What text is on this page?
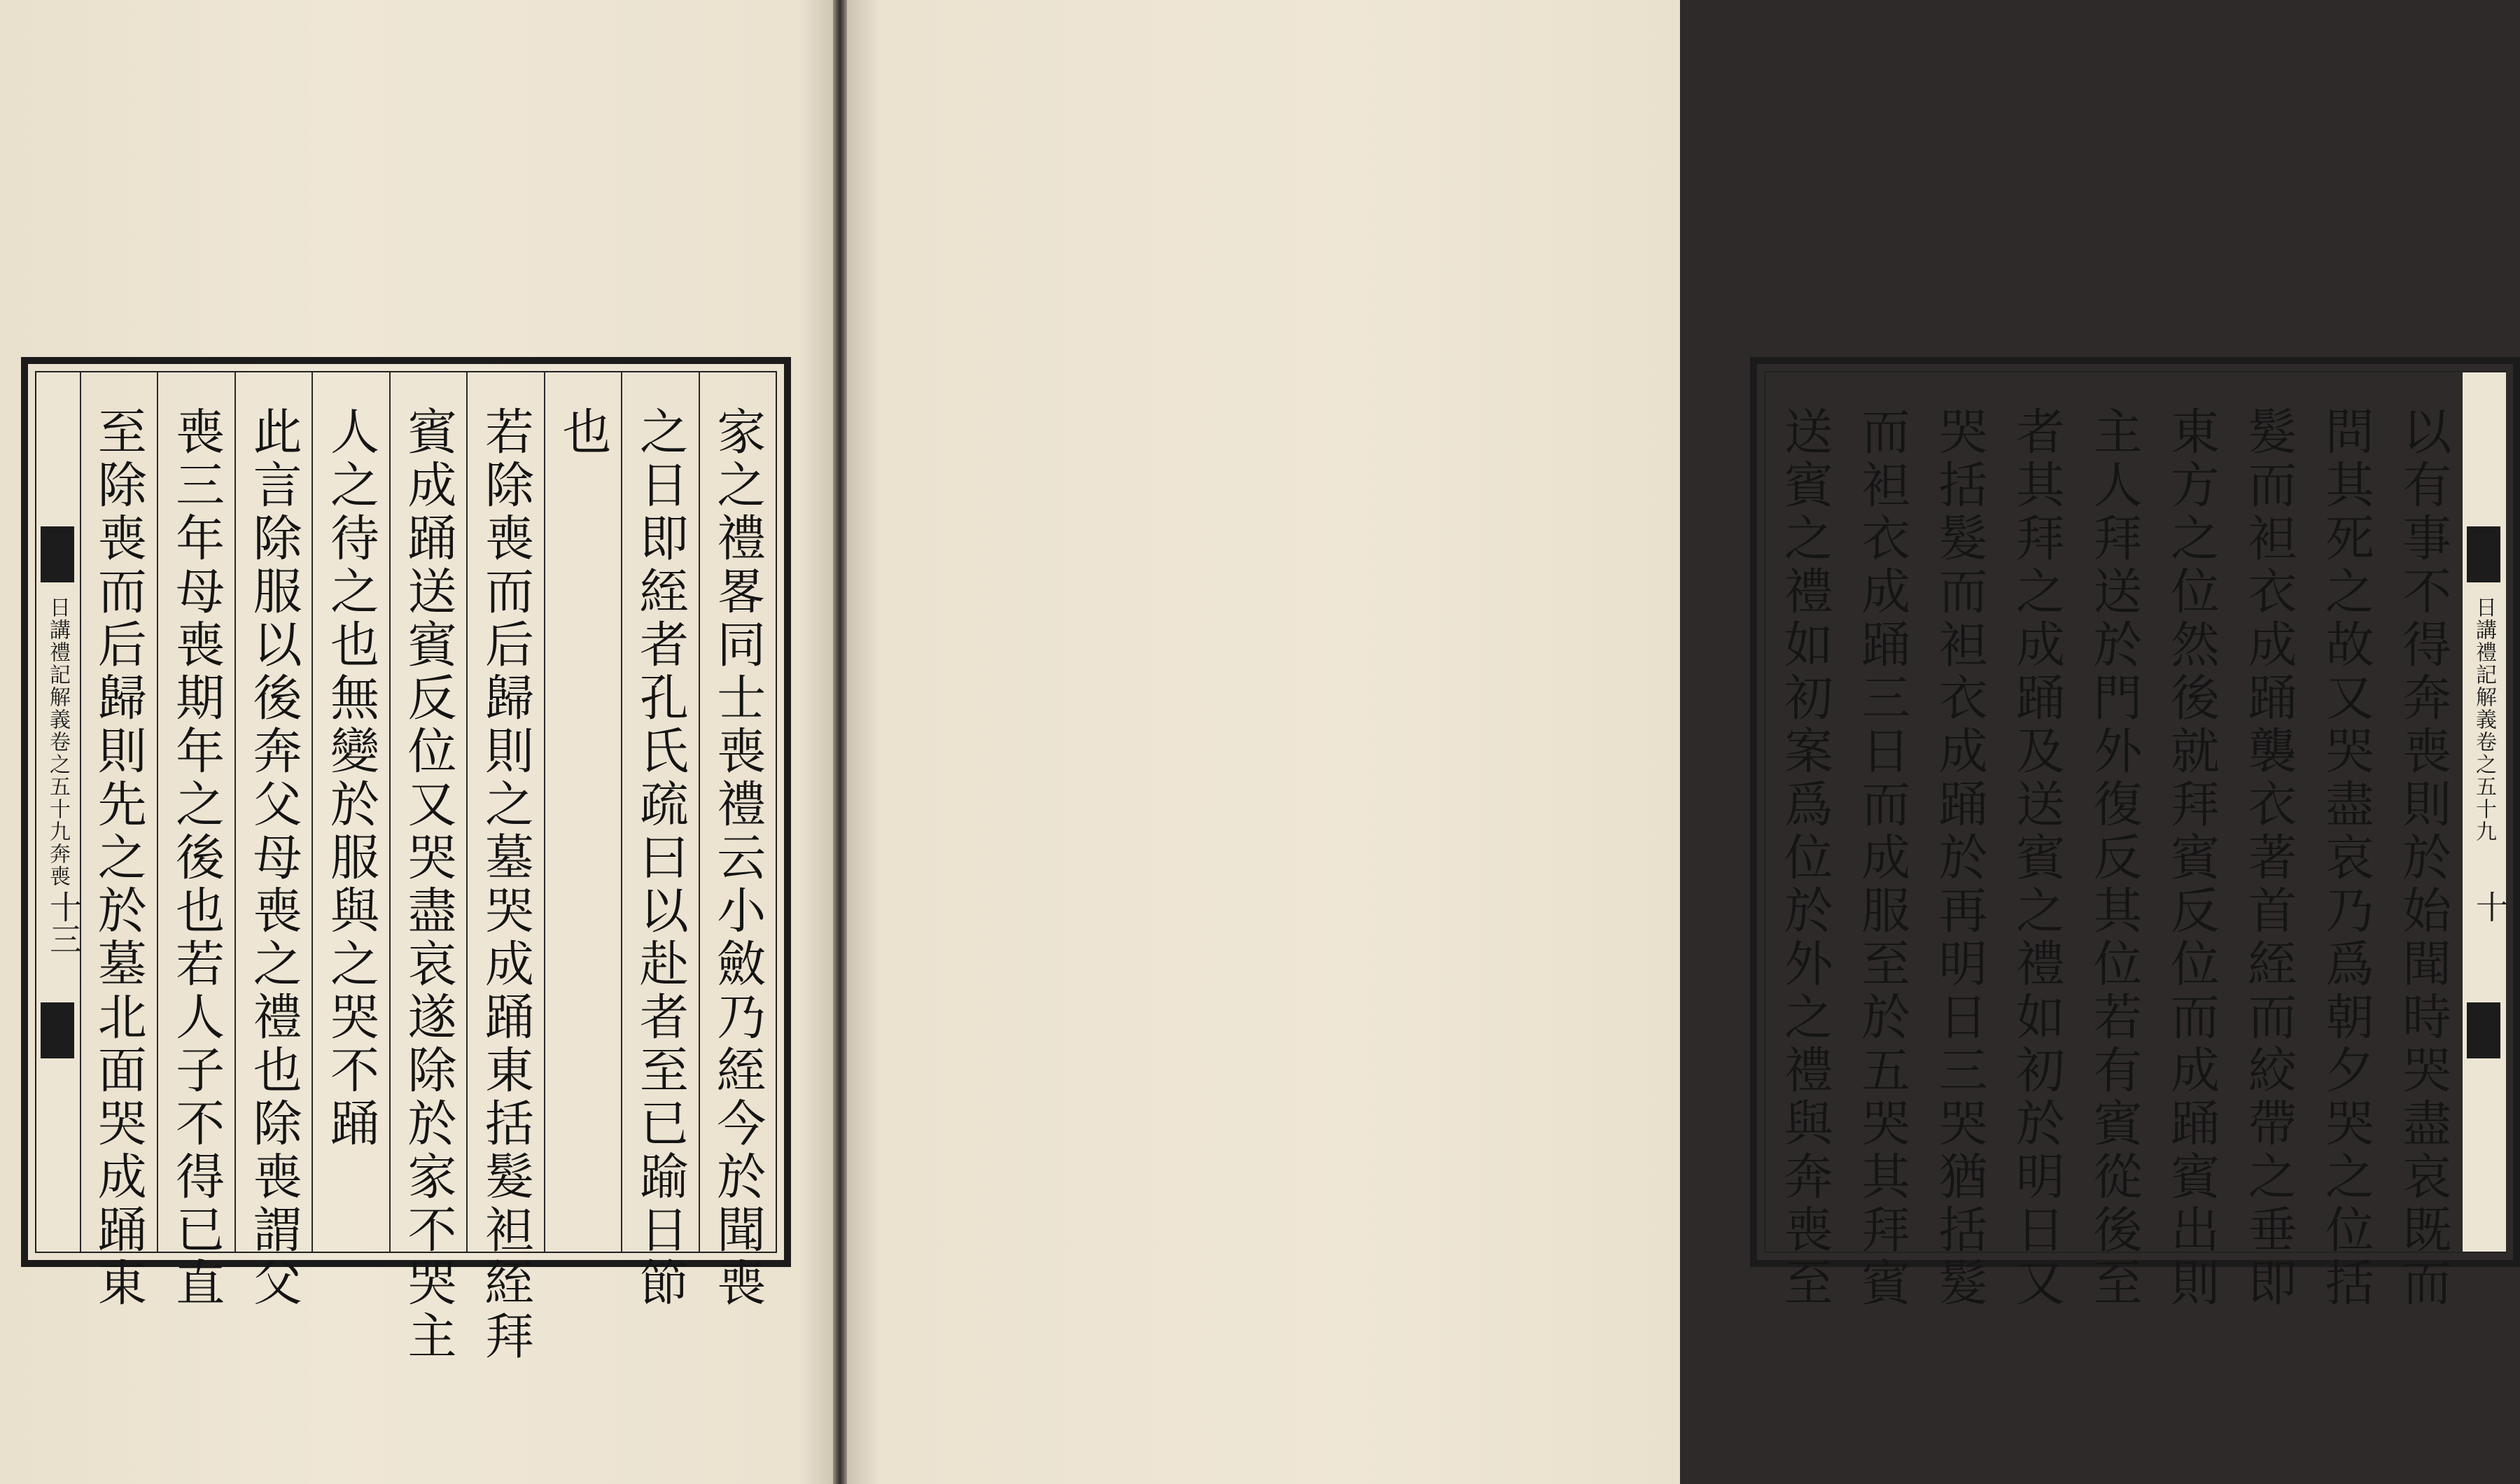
日講禮記解義卷之五十九奔喪
十三	家之禮畧同士喪禮云小斂乃絰今於聞喪
之日即絰者孔氏疏曰以赴者至已踰日節
也
若除喪而后歸則之墓哭成踊東括髮袒絰拜
賓成踊送賓反位又哭盡哀遂除於家不哭主
人之待之也無變於服與之哭不踊
此言除服以後奔父母喪之禮也除喪謂父
喪三年母喪期年之後也若人子不得已直
至除喪而后歸則先之於墓北面哭成踊東	日講禮記解義卷之五十九
十
以有事不得奔喪則於始聞時哭盡哀既而
問其死之故又哭盡哀乃爲朝夕哭之位括
髮而袒衣成踊襲衣著首絰而絞帶之垂即
東方之位然後就拜賓反位而成踊賓出則
主人拜送於門外復反其位若有賓從後至
者其拜之成踊及送賓之禮如初於明日又
哭括髮而袒衣成踊於再明日三哭猶括髮
而袒衣成踊三日而成服至於五哭其拜賓
送賓之禮如初案爲位於外之禮與奔喪至
